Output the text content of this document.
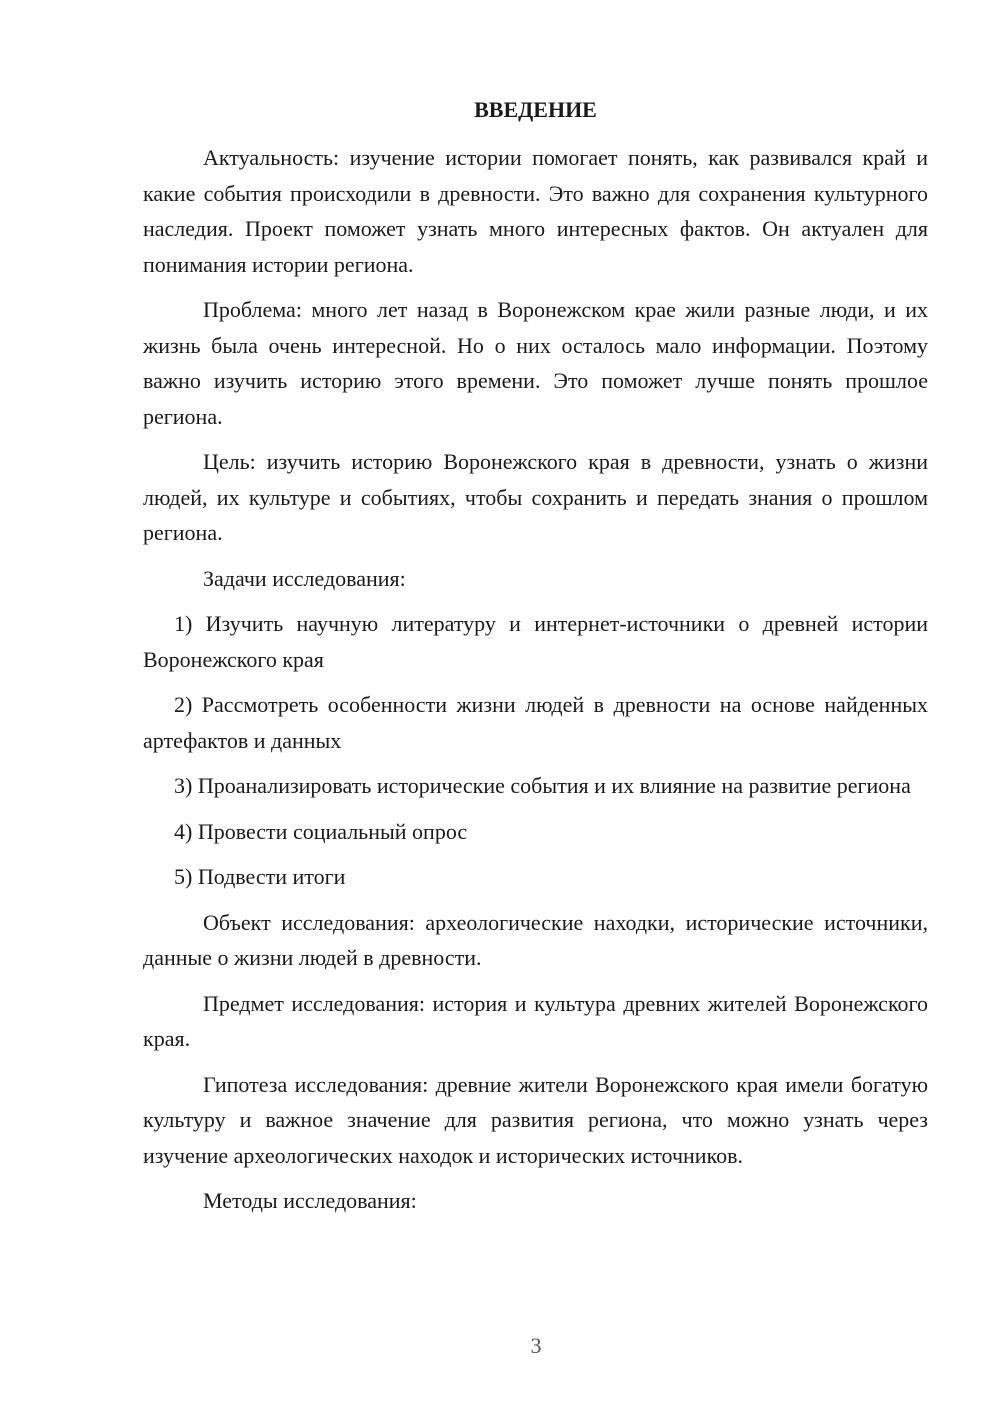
ВВЕДЕНИЕ

Актуальность: изучение истории помогает понять, как развивался край и какие события происходили в древности. Это важно для сохранения культурного наследия. Проект поможет узнать много интересных фактов. Он актуален для понимания истории региона.

Проблема: много лет назад в Воронежском крае жили разные люди, и их жизнь была очень интересной. Но о них осталось мало информации. Поэтому важно изучить историю этого времени. Это поможет лучше понять прошлое региона.

Цель: изучить историю Воронежского края в древности, узнать о жизни людей, их культуре и событиях, чтобы сохранить и передать знания о прошлом региона.

Задачи исследования:

1) Изучить научную литературу и интернет-источники о древней истории Воронежского края

2) Рассмотреть особенности жизни людей в древности на основе найденных артефактов и данных

3) Проанализировать исторические события и их влияние на развитие региона

4) Провести социальный опрос

5) Подвести итоги

Объект исследования: археологические находки, исторические источники, данные о жизни людей в древности.

Предмет исследования: история и культура древних жителей Воронежского края.

Гипотеза исследования: древние жители Воронежского края имели богатую культуру и важное значение для развития региона, что можно узнать через изучение археологических находок и исторических источников.

Методы исследования:

3
